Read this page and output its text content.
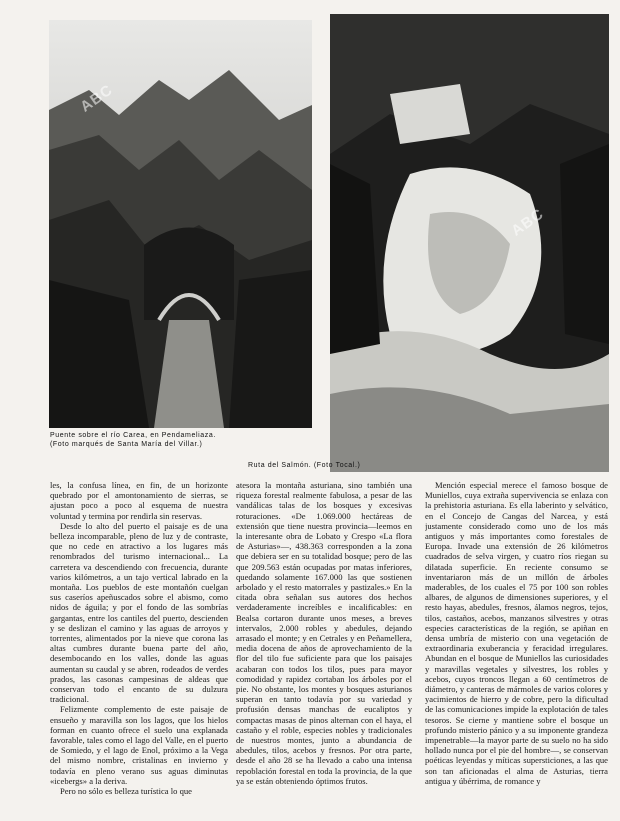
ABC
ABC
Puente sobre el río Carea, en Pendameliaza.
(Foto marqués de Santa María del Villar.)
Ruta del Salmón. (Foto Tocal.)

les, la confusa línea, en fin, de un horizonte quebrado por el amontonamiento de sierras, se ajustan poco a poco al esquema de nuestra voluntad y termina por rendirla sin reservas.

Desde lo alto del puerto el paisaje es de una belleza incomparable, pleno de luz y de contraste, que no cede en atractivo a los lugares más renombrados del turismo internacional... La carretera va descendiendo con frecuencia, durante varios kilómetros, a un tajo vertical labrado en la montaña. Los pueblos de este montañón cuelgan sus caseríos apeñuscados sobre el abismo, como nidos de águila; y por el fondo de las sombrías gargantas, entre los cantiles del puerto, descienden y se deslizan el camino y las aguas de arroyos y torrentes, alimentados por la nieve que corona las altas cumbres durante buena parte del año, desembocando en los valles, donde las aguas aumentan su caudal y se abren, rodeados de verdes prados, las casonas campesinas de aldeas que conservan todo el encanto de su dulzura tradicional.

Felizmente complemento de este paisaje de ensueño y maravilla son los lagos, que los hielos forman en cuanto ofrece el suelo una explanada favorable, tales como el lago del Valle, en el puerto de Somiedo, y el lago de Enol, próximo a la Vega del mismo nombre, cristalinas en invierno y todavía en pleno verano sus aguas diminutas «icebergs» a la deriva.

Pero no sólo es belleza turística lo que

atesora la montaña asturiana, sino también una riqueza forestal realmente fabulosa, a pesar de las vandálicas talas de los bosques y excesivas roturaciones. «De 1.069.000 hectáreas de extensión que tiene nuestra provincia—leemos en la interesante obra de Lobato y Crespo «La flora de Asturias»—, 438.363 corresponden a la zona que debiera ser en su totalidad bosque; pero de las que 209.563 están ocupadas por matas inferiores, quedando solamente 167.000 las que sostienen arbolado y el resto matorrales y pastizales.» En la citada obra señalan sus autores dos hechos verdaderamente increíbles e incalificables: en Bealsa cortaron durante unos meses, a breves intervalos, 2.000 robles y abedules, dejando arrasado el monte; y en Cetrales y en Peñamellera, media docena de años de aprovechamiento de la flor del tilo fue suficiente para que los paisajes acabaran con todos los tilos, pues para mayor comodidad y rapidez cortaban los árboles por el pie. No obstante, los montes y bosques asturianos superan en tanto todavía por su variedad y profusión densas manchas de eucaliptos y compactas masas de pinos alternan con el haya, el castaño y el roble, especies nobles y tradicionales de nuestros montes, junto a abundancia de abedules, tilos, acebos y fresnos. Por otra parte, desde el año 28 se ha llevado a cabo una intensa repoblación forestal en toda la provincia, de la que ya se están obteniendo óptimos frutos.

Mención especial merece el famoso bosque de Muniellos, cuya extraña supervivencia se enlaza con la prehistoria asturiana. Es ella laberinto y selvático, en el Concejo de Cangas del Narcea, y está justamente considerado como uno de los más antiguos y más importantes como forestales de Europa. Invade una extensión de 26 kilómetros cuadrados de selva virgen, y cuatro ríos riegan su dilatada superficie. En reciente consumo se inventariaron más de un millón de árboles maderables, de los cuales el 75 por 100 son robles albares, de algunos de dimensiones superiores, y el resto hayas, abedules, fresnos, álamos negros, tejos, tilos, castaños, acebos, manzanos silvestres y otras especies características de la región, se apiñan en densa umbría de misterio con una vegetación de extraordinaria exuberancia y feracidad irregulares. Abundan en el bosque de Muniellos las curiosidades y maravillas vegetales y silvestres, los robles y acebos, cuyos troncos llegan a 60 centímetros de diámetro, y canteras de mármoles de varios colores y yacimientos de hierro y de cobre, pero la dificultad de las comunicaciones impide la explotación de tales tesoros. Se cierne y mantiene sobre el bosque un profundo misterio pánico y a su imponente grandeza impenetrable—la mayor parte de su suelo no ha sido hollado nunca por el pie del hombre—, se conservan poéticas leyendas y míticas supersticiones, a las que son tan aficionadas el alma de Asturias, tierra antigua y úbérrima, de romance y
